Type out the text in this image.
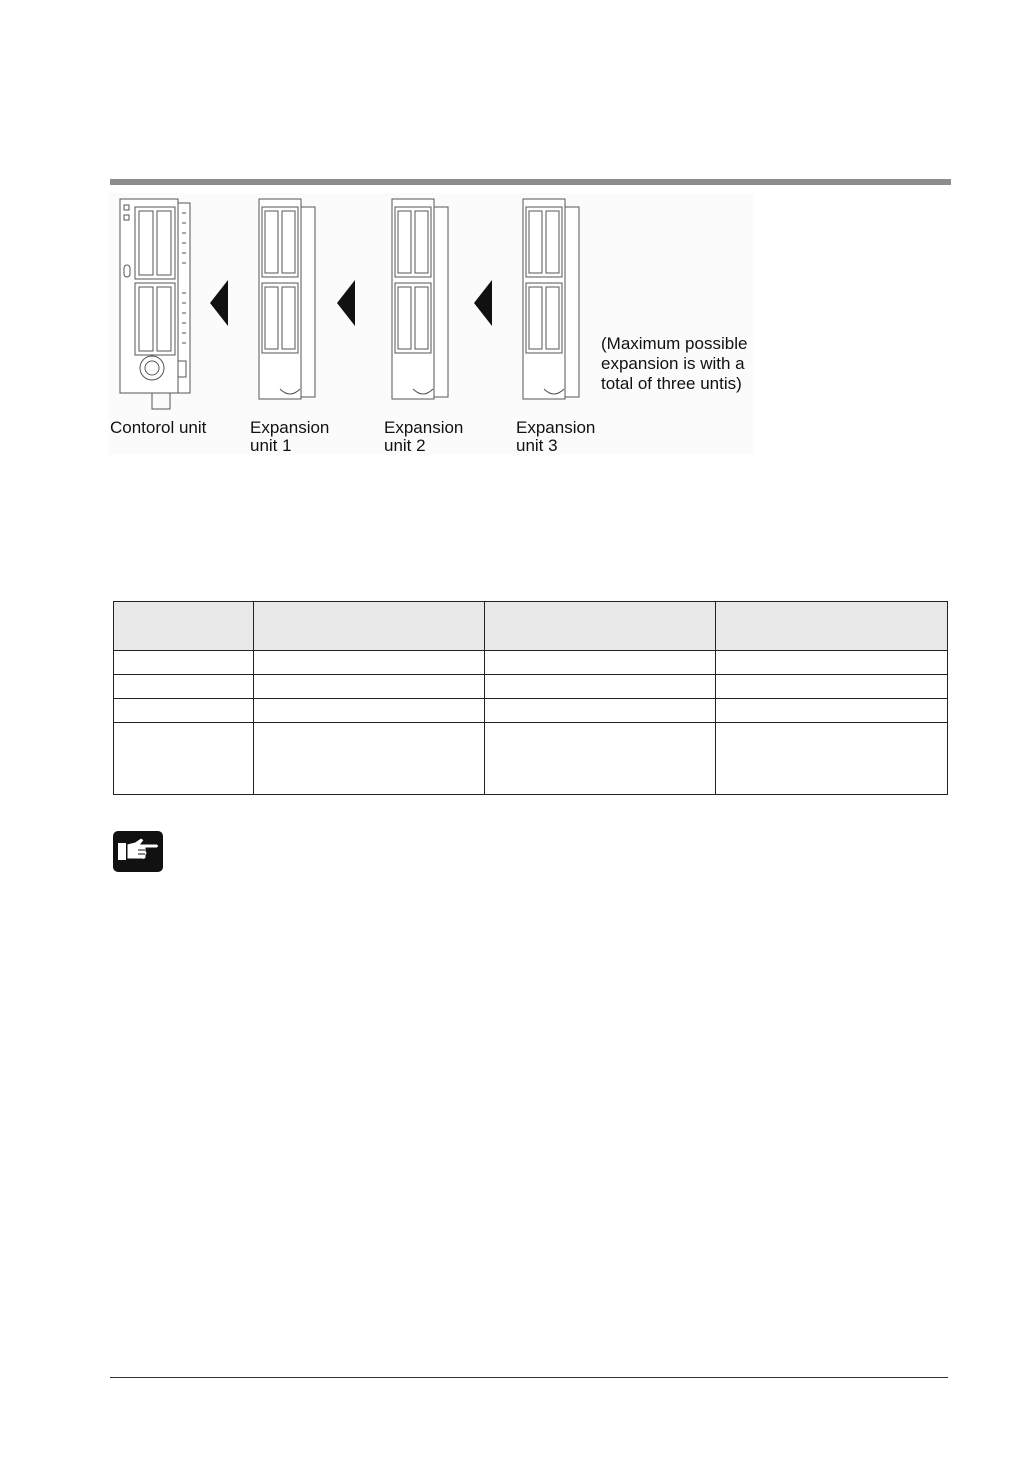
Contorol unit	Expansion
unit 1
Expansion
unit 2
Expansion
unit 3
(Maximum possible
expansion is with a
total of three untis)
